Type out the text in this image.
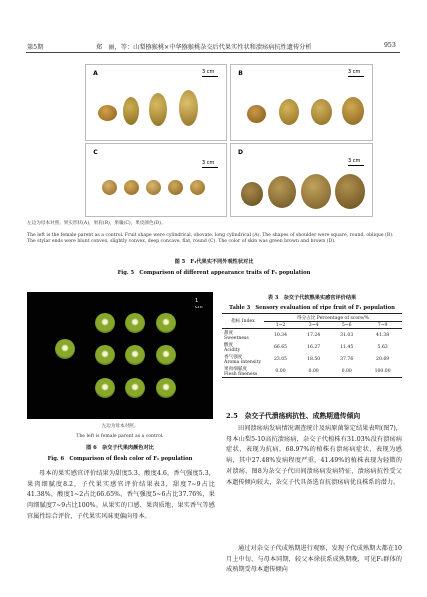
第5期	郑　丽，等：山梨猕猴桃×中华猕猴桃杂交后代果实性状和溃疡病抗性遗传分析	953
A	3 cm	B	3 cm
C
3 cm
D
3 cm
左边为母本对照。果实形状(A)，果肩(B)，果喙(C)，果皮颜色(D)。
The left is the female parent as a control. Fruit shape were cylindrical, obovate, long cylindrical (A). The shapes of shoulder were square, round, oblique (B). The stylar ends were blunt convex, slightly convex, deep concave, flat, round (C). The color of skin was green brown and brown (D).
图 5　F₁代果实不同外观性状对比
Fig. 5　Comparison of different appearance traits of F₁ population
1 cm
左边为母本对照。
The left is female parent as a control.
图 6　杂交子代果肉颜色对比
Fig. 6　Comparison of flesh color of F₁ population
母本的果实感官评价结果为甜度5.3，酸度4.6，香气强度5.3，果肉细腻度8.2，子代果实感官评价结果表3，甜度7~9占比41.38%，酸度1~2占比66.65%，香气强度5~6占比37.76%，果肉细腻度7~9占比100%。从果实的口感、果肉质地、果实香气等感官属性综合评价，子代果实风味更偏向母本。
表 3　杂交子代软熟果实感官评价结果
Table 3　Sensory evaluation of ripe fruit of F₁ population
指标 Index	得分占比 Percentage of score/%			
	1~2	3~4	5~6	7~9
甜度
Sweetness	10.34	17.24	31.03	41.38
酸度
Acidity	66.65	16.27	11.45	5.63
香气强度
Aroma intensity	23.05	18.50	37.76	20.69
果肉细腻度
Flesh fineness	0.00	0.00	0.00	100.00
2.5　杂交子代溃疡病抗性、成熟期遗传倾向
田间溃疡病发病情况调查统计及病原菌鉴定结果表明(图7)，母本山梨5-10高抗溃疡病，杂交子代植株有31.03%没有溃疡病症状，表现为抗病，68.97%的植株有溃疡病症状，表现为感病，其中27.48%发病程度严重，41.49%的植株表现为轻微的对溃疡，图8为杂交子代田间溃疡病发病特征，溃疡病抗性受父本遗传倾向较大，杂交子代具备选育抗溃疡病优良株系的潜力。
通过对杂交子代成熟期进行观察，发现子代成熟期大都在10月上中旬，与母本同期，较父本徐扶系成熟期晚，可见F₁群体的成熟期受母本遗传倾向
